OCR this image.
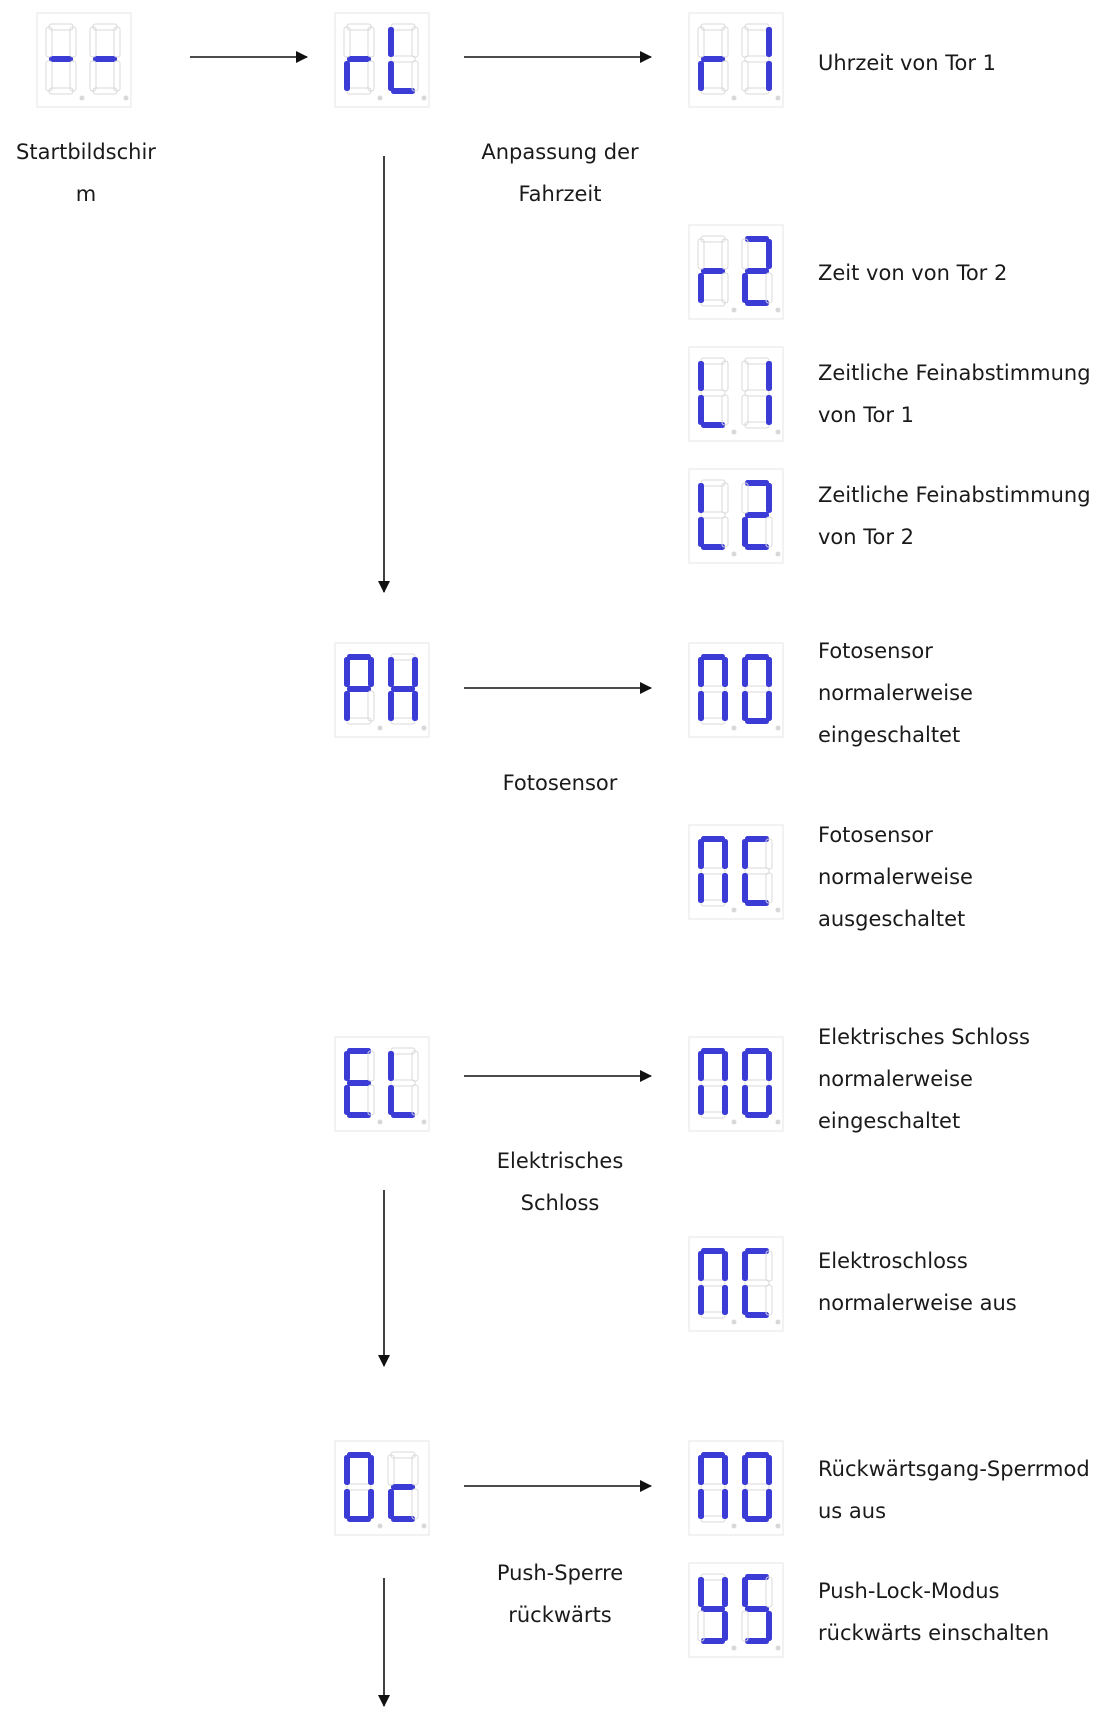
Startbildschir
m
Anpassung der
Fahrzeit
Uhrzeit von Tor 1
Zeit von von Tor 2
Zeitliche Feinabstimmung
von Tor 1
Zeitliche Feinabstimmung
von Tor 2
Fotosensor
Fotosensor
normalerweise
eingeschaltet
Fotosensor
normalerweise
ausgeschaltet
Elektrisches
Schloss
Elektrisches Schloss
normalerweise
eingeschaltet
Elektroschloss
normalerweise aus
Push-Sperre
rückwärts
Rückwärtsgang-Sperrmod
us aus
Push-Lock-Modus
rückwärts einschalten
